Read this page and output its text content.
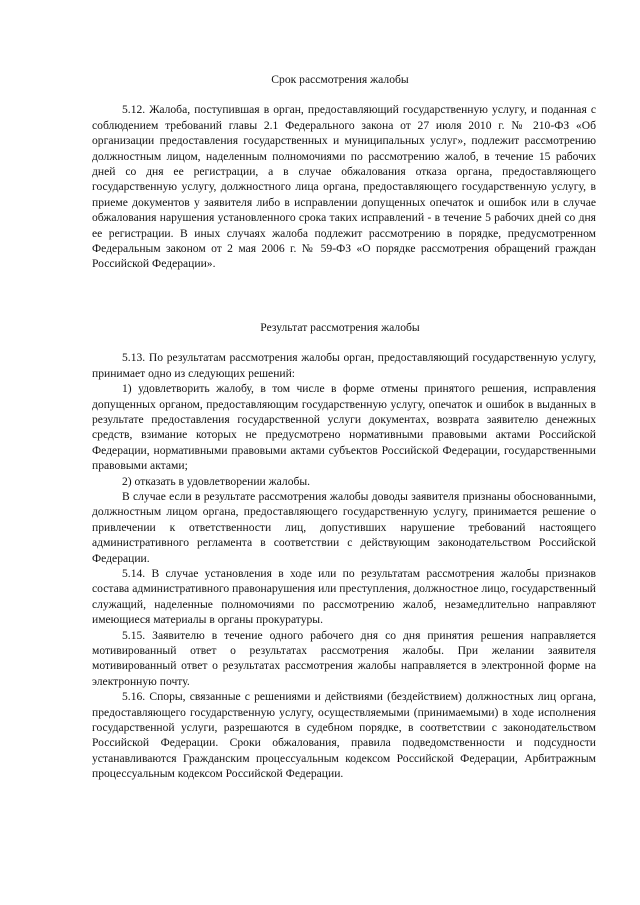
Срок рассмотрения жалобы

5.12. Жалоба, поступившая в орган, предоставляющий государственную услугу, и поданная с соблюдением требований главы 2.1 Федерального закона от 27 июля 2010 г. № 210-ФЗ «Об организации предоставления государственных и муниципальных услуг», подлежит рассмотрению должностным лицом, наделенным полномочиями по рассмотрению жалоб, в течение 15 рабочих дней со дня ее регистрации, а в случае обжалования отказа органа, предоставляющего государственную услугу, должностного лица органа, предоставляющего государственную услугу, в приеме документов у заявителя либо в исправлении допущенных опечаток и ошибок или в случае обжалования нарушения установленного срока таких исправлений - в течение 5 рабочих дней со дня ее регистрации. В иных случаях жалоба подлежит рассмотрению в порядке, предусмотренном Федеральным законом от 2 мая 2006 г. № 59-ФЗ «О порядке рассмотрения обращений граждан Российской Федерации».

Результат рассмотрения жалобы

5.13. По результатам рассмотрения жалобы орган, предоставляющий государственную услугу, принимает одно из следующих решений:

1) удовлетворить жалобу, в том числе в форме отмены принятого решения, исправления допущенных органом, предоставляющим государственную услугу, опечаток и ошибок в выданных в результате предоставления государственной услуги документах, возврата заявителю денежных средств, взимание которых не предусмотрено нормативными правовыми актами Российской Федерации, нормативными правовыми актами субъектов Российской Федерации, государственными правовыми актами;

2) отказать в удовлетворении жалобы.

В случае если в результате рассмотрения жалобы доводы заявителя признаны обоснованными, должностным лицом органа, предоставляющего государственную услугу, принимается решение о привлечении к ответственности лиц, допустивших нарушение требований настоящего административного регламента в соответствии с действующим законодательством Российской Федерации.

5.14. В случае установления в ходе или по результатам рассмотрения жалобы признаков состава административного правонарушения или преступления, должностное лицо, государственный служащий, наделенные полномочиями по рассмотрению жалоб, незамедлительно направляют имеющиеся материалы в органы прокуратуры.

5.15. Заявителю в течение одного рабочего дня со дня принятия решения направляется мотивированный ответ о результатах рассмотрения жалобы. При желании заявителя мотивированный ответ о результатах рассмотрения жалобы направляется в электронной форме на электронную почту.

5.16. Споры, связанные с решениями и действиями (бездействием) должностных лиц органа, предоставляющего государственную услугу, осуществляемыми (принимаемыми) в ходе исполнения государственной услуги, разрешаются в судебном порядке, в соответствии с законодательством Российской Федерации. Сроки обжалования, правила подведомственности и подсудности устанавливаются Гражданским процессуальным кодексом Российской Федерации, Арбитражным процессуальным кодексом Российской Федерации.
